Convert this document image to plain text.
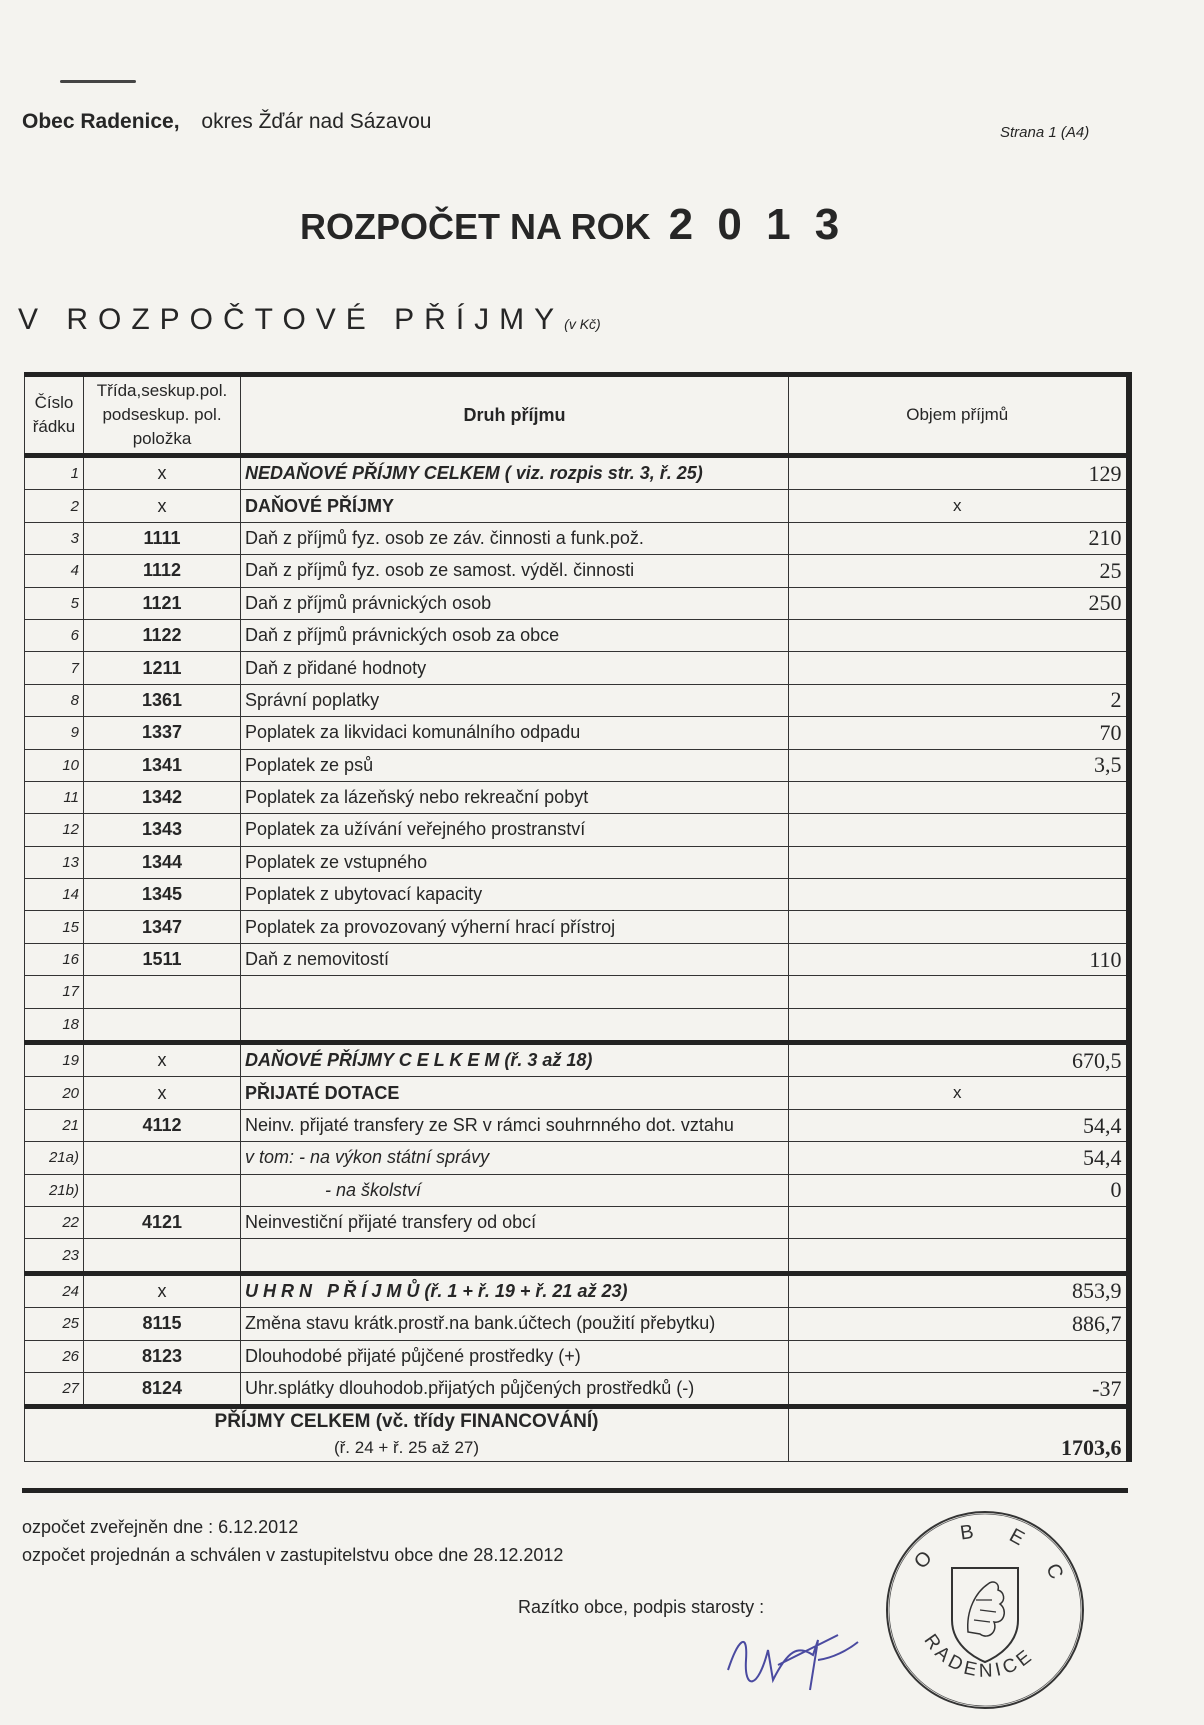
Obec Radenice, okres Žďár nad Sázavou	Strana 1 (A4)
ROZPOČET NA ROK 2 0 1 3
V ROZPOČTOVÉ PŘÍJMY(v Kč)
Číslo řádku	Třída,seskup.pol. podseskup. pol. položka	Druh příjmu	Objem příjmů
1	x	NEDAŇOVÉ PŘÍJMY CELKEM ( viz. rozpis str. 3, ř. 25)	129
2	x	DAŇOVÉ PŘÍJMY	x
3	1111	Daň z příjmů fyz. osob ze záv. činnosti a funk.pož.	210
4	1112	Daň z příjmů fyz. osob ze samost. výděl. činnosti	25
5	1121	Daň z příjmů právnických osob	250
6	1122	Daň z příjmů právnických osob za obce	
7	1211	Daň z přidané hodnoty	
8	1361	Správní poplatky	2
9	1337	Poplatek za likvidaci komunálního odpadu	70
10	1341	Poplatek ze psů	3,5
11	1342	Poplatek za lázeňský nebo rekreační pobyt	
12	1343	Poplatek za užívání veřejného prostranství	
13	1344	Poplatek ze vstupného	
14	1345	Poplatek z ubytovací kapacity	
15	1347	Poplatek za provozovaný výherní hrací přístroj	
16	1511	Daň z nemovitostí	110
17			
18			
19	x	DAŇOVÉ PŘÍJMY C E L K E M (ř. 3 až 18)	670,5
20	x	PŘIJATÉ DOTACE	x
21	4112	Neinv. přijaté transfery ze SR v rámci souhrnného dot. vztahu	54,4
21a)		v tom: - na výkon státní správy	54,4
21b)		- na školství	0
22	4121	Neinvestiční přijaté transfery od obcí	
23			
24	x	U H R N   P Ř Í J M Ů (ř. 1 + ř. 19 + ř. 21 až 23)	853,9
25	8115	Změna stavu krátk.prostř.na bank.účtech (použití přebytku)	886,7
26	8123	Dlouhodobé přijaté půjčené prostředky (+)	
27	8124	Uhr.splátky dlouhodob.přijatých půjčených prostředků (-)	-37

PŘÍJMY CELKEM (vč. třídy FINANCOVÁNÍ)
(ř. 24 + ř. 25 až 27)			1703,6
ozpočet zveřejněn dne : 6.12.2012
ozpočet projednán a schválen v zastupitelstvu obce dne 28.12.2012
Razítko obce, podpis starosty :
O B E C
RADENICE
